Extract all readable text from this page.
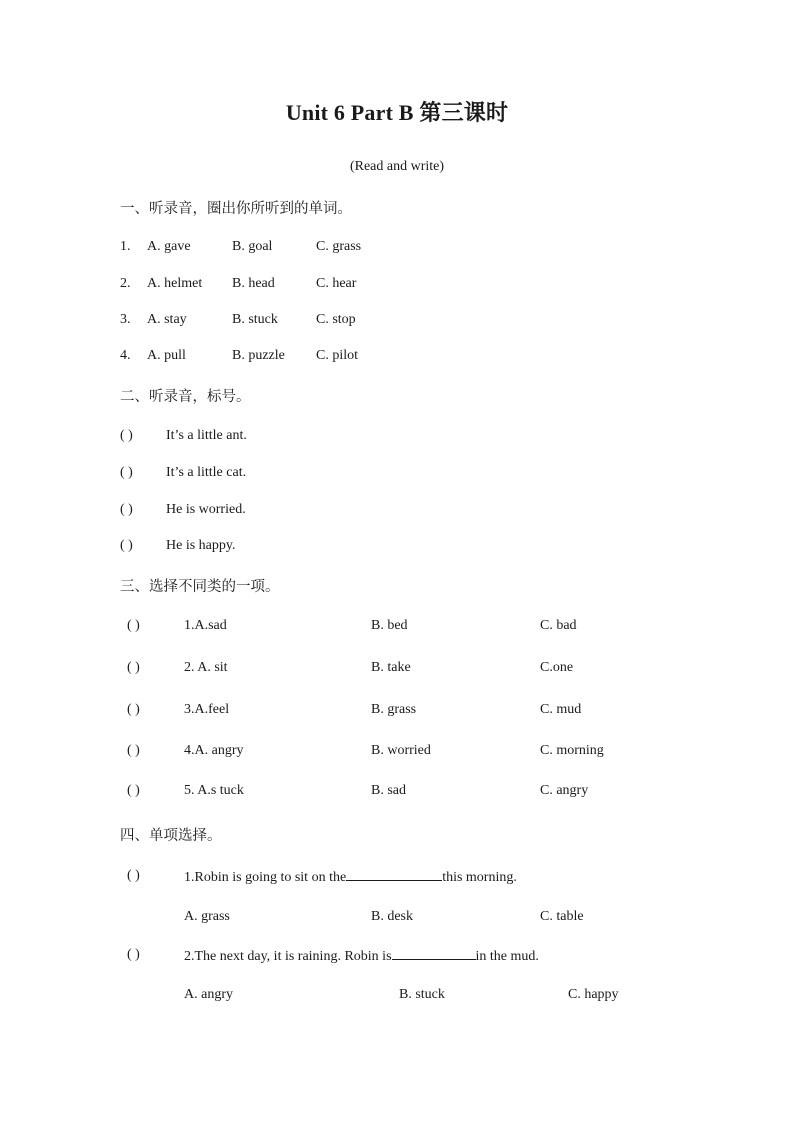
Unit 6 Part B 第三课时
(Read and write)
一、听录音，圈出你所听到的单词。
1. A. gave	B. goal	C. grass
2. A. helmet B. head	C. hear
3. A. stay	B. stuck	C. stop
4. A. pull	B. puzzle C. pilot
二、听录音，标号。
( ) It’s a little ant.
( ) It’s a little cat.
( ) He is worried.
( ) He is happy.
三、选择不同类的一项。
( )	1.A.sad	B. bed	C. bad
( )	2. A. sit	B. take	C.one
( )	3.A.feel	B. grass	C. mud
( )	4.A. angry	B. worried	C. morning
( )	5. A.s tuck	B. sad	C. angry
四、单项选择。
( )	1.Robin is going to sit on the	this morning.
A. grass	B. desk	C. table
( )	2.The next day, it is raining. Robin is	in the mud.
A. angry	B. stuck	C. happy
